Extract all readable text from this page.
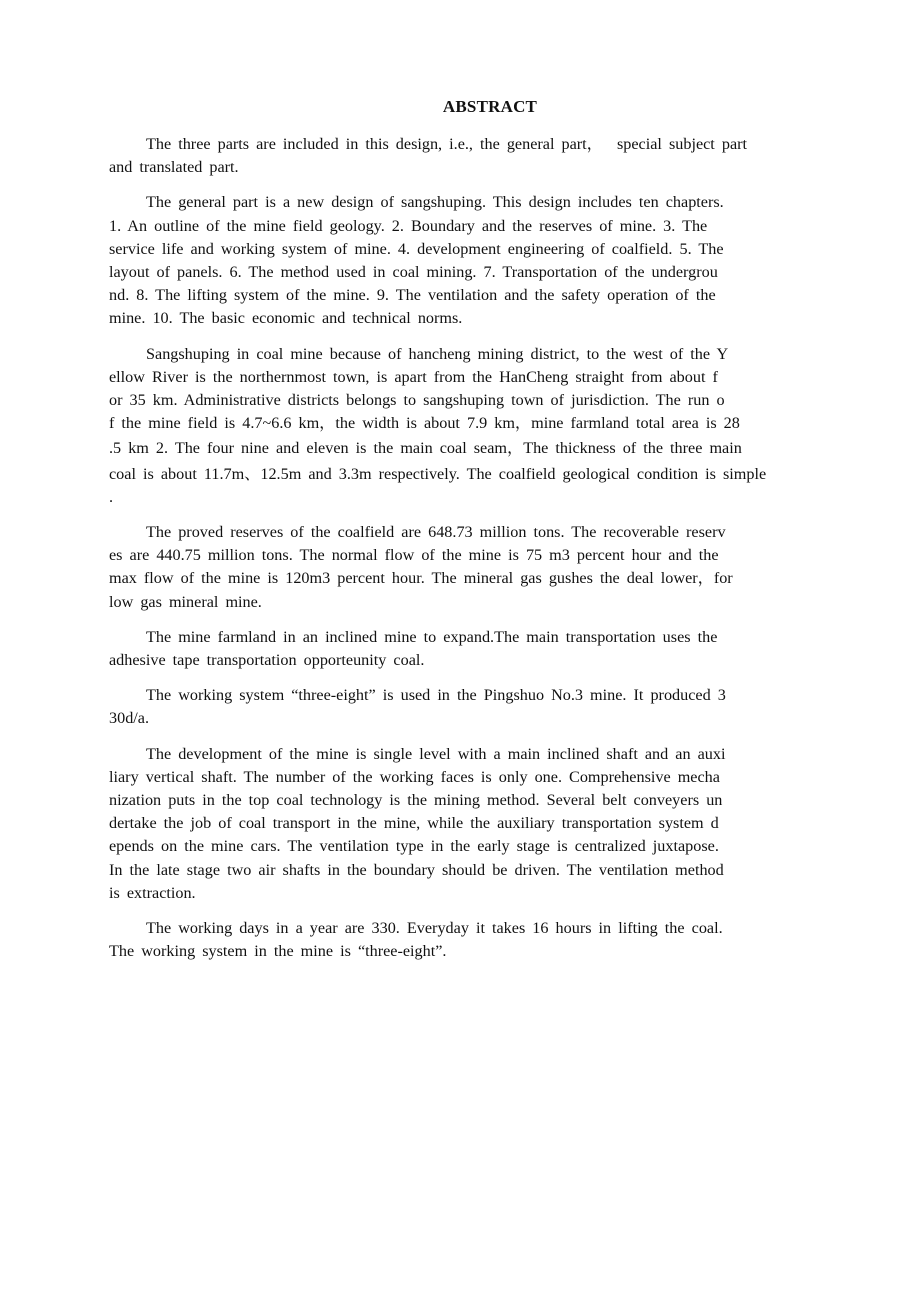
ABSTRACT
The three parts are included in this design, i.e., the general part，  special subject part
and translated part.
The general part is a new design of sangshuping. This design includes ten chapters.
1. An outline of the mine field geology. 2. Boundary and the reserves of mine. 3. The
service life and working system of mine. 4. development engineering of coalfield. 5. The
layout of panels. 6. The method used in coal mining. 7. Transportation of the undergrou
nd. 8. The lifting system of the mine. 9. The ventilation and the safety operation of the
mine. 10. The basic economic and technical norms.
Sangshuping in coal mine because of hancheng mining district, to the west of the Y
ellow River is the northernmost town, is apart from the HanCheng straight from about f
or 35 km. Administrative districts belongs to sangshuping town of jurisdiction. The run o
f the mine field is 4.7~6.6 km，the width is about 7.9 km，mine farmland total area is 28
.5 km 2. The four nine and eleven is the main coal seam，The thickness of the three main
coal is about 11.7m、12.5m and 3.3m respectively. The coalfield geological condition is simple
.
The proved reserves of the coalfield are 648.73 million tons. The recoverable reserv
es are 440.75 million tons. The normal flow of the mine is 75 m3 percent hour and the
max flow of the mine is 120m3 percent hour. The mineral gas gushes the deal lower，for
low gas mineral mine.
The mine farmland in an inclined mine to expand.The main transportation uses the
adhesive tape transportation opporteunity coal.
The working system “three-eight” is used in the Pingshuo No.3 mine. It produced 3
30d/a.
The development of the mine is single level with a main inclined shaft and an auxi
liary vertical shaft. The number of the working faces is only one. Comprehensive mecha
nization puts in the top coal technology is the mining method. Several belt conveyers un
dertake the job of coal transport in the mine, while the auxiliary transportation system d
epends on the mine cars. The ventilation type in the early stage is centralized juxtapose.
In the late stage two air shafts in the boundary should be driven. The ventilation method
is extraction.
The working days in a year are 330. Everyday it takes 16 hours in lifting the coal.
The working system in the mine is “three-eight”.
